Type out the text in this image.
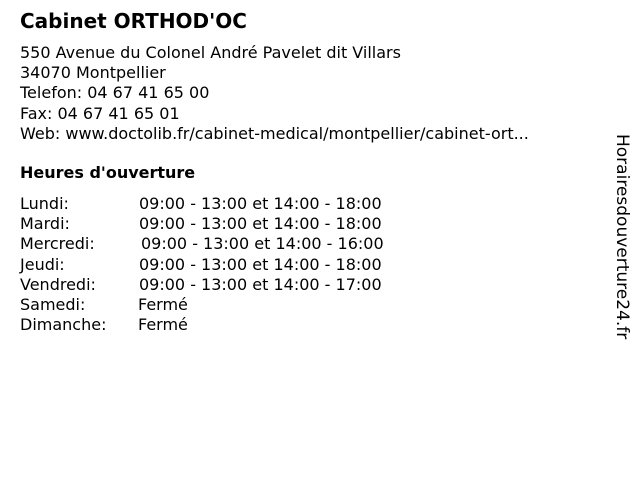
Cabinet ORTHOD'OC
550 Avenue du Colonel André Pavelet dit Villars
34070 Montpellier
Telefon: 04 67 41 65 00
Fax: 04 67 41 65 01
Web: www.doctolib.fr/cabinet-medical/montpellier/cabinet-ort...
Heures d'ouverture
Lundi:	09:00 - 13:00 et 14:00 - 18:00
Mardi:	09:00 - 13:00 et 14:00 - 18:00
Mercredi:	09:00 - 13:00 et 14:00 - 16:00
Jeudi:	09:00 - 13:00 et 14:00 - 18:00
Vendredi:	09:00 - 13:00 et 14:00 - 17:00
Samedi:	Fermé
Dimanche: Fermé	Horairesdouverture24.fr
